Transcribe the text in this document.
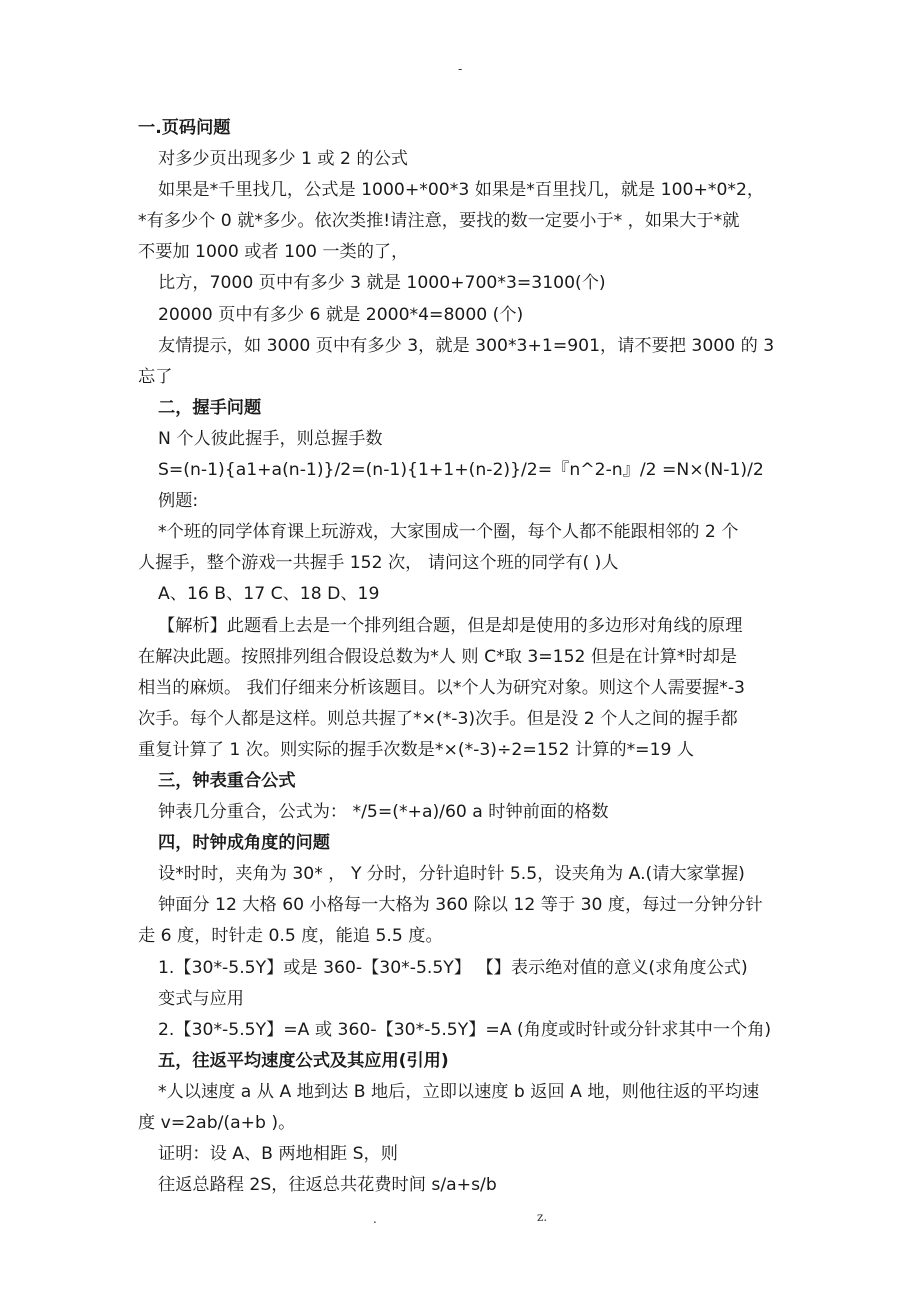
-
一.页码问题
对多少页出现多少 1 或 2 的公式
如果是*千里找几，公式是 1000+*00*3 如果是*百里找几，就是 100+*0*2，
*有多少个 0 就*多少。依次类推!请注意，要找的数一定要小于* ，如果大于*就
不要加 1000 或者 100 一类的了，
比方，7000 页中有多少 3 就是 1000+700*3=3100(个)
20000 页中有多少 6 就是 2000*4=8000 (个)
友情提示，如 3000 页中有多少 3，就是 300*3+1=901，请不要把 3000 的 3
忘了
二，握手问题
N 个人彼此握手，则总握手数
S=(n-1){a1+a(n-1)}/2=(n-1){1+1+(n-2)}/2=『n^2-n』/2 =N×(N-1)/2
例题:
*个班的同学体育课上玩游戏，大家围成一个圈，每个人都不能跟相邻的 2 个
人握手，整个游戏一共握手 152 次， 请问这个班的同学有( )人
A、16 B、17 C、18 D、19
【解析】此题看上去是一个排列组合题，但是却是使用的多边形对角线的原理
在解决此题。按照排列组合假设总数为*人 则 C*取 3=152 但是在计算*时却是
相当的麻烦。 我们仔细来分析该题目。以*个人为研究对象。则这个人需要握*-3
次手。每个人都是这样。则总共握了*×(*-3)次手。但是没 2 个人之间的握手都
重复计算了 1 次。则实际的握手次数是*×(*-3)÷2=152 计算的*=19 人
三，钟表重合公式
钟表几分重合，公式为： */5=(*+a)/60 a 时钟前面的格数
四，时钟成角度的问题
设*时时，夹角为 30* ， Y 分时，分针追时针 5.5，设夹角为 A.(请大家掌握)
钟面分 12 大格 60 小格每一大格为 360 除以 12 等于 30 度，每过一分钟分针
走 6 度，时针走 0.5 度，能追 5.5 度。
1.【30*-5.5Y】或是 360-【30*-5.5Y】 【】表示绝对值的意义(求角度公式)
变式与应用
2.【30*-5.5Y】=A 或 360-【30*-5.5Y】=A (角度或时针或分针求其中一个角)
五，往返平均速度公式及其应用(引用)
*人以速度 a 从 A 地到达 B 地后，立即以速度 b 返回 A 地，则他往返的平均速
度 v=2ab/(a+b )。
证明：设 A、B 两地相距 S，则
往返总路程 2S，往返总共花费时间 s/a+s/b
.	z.
